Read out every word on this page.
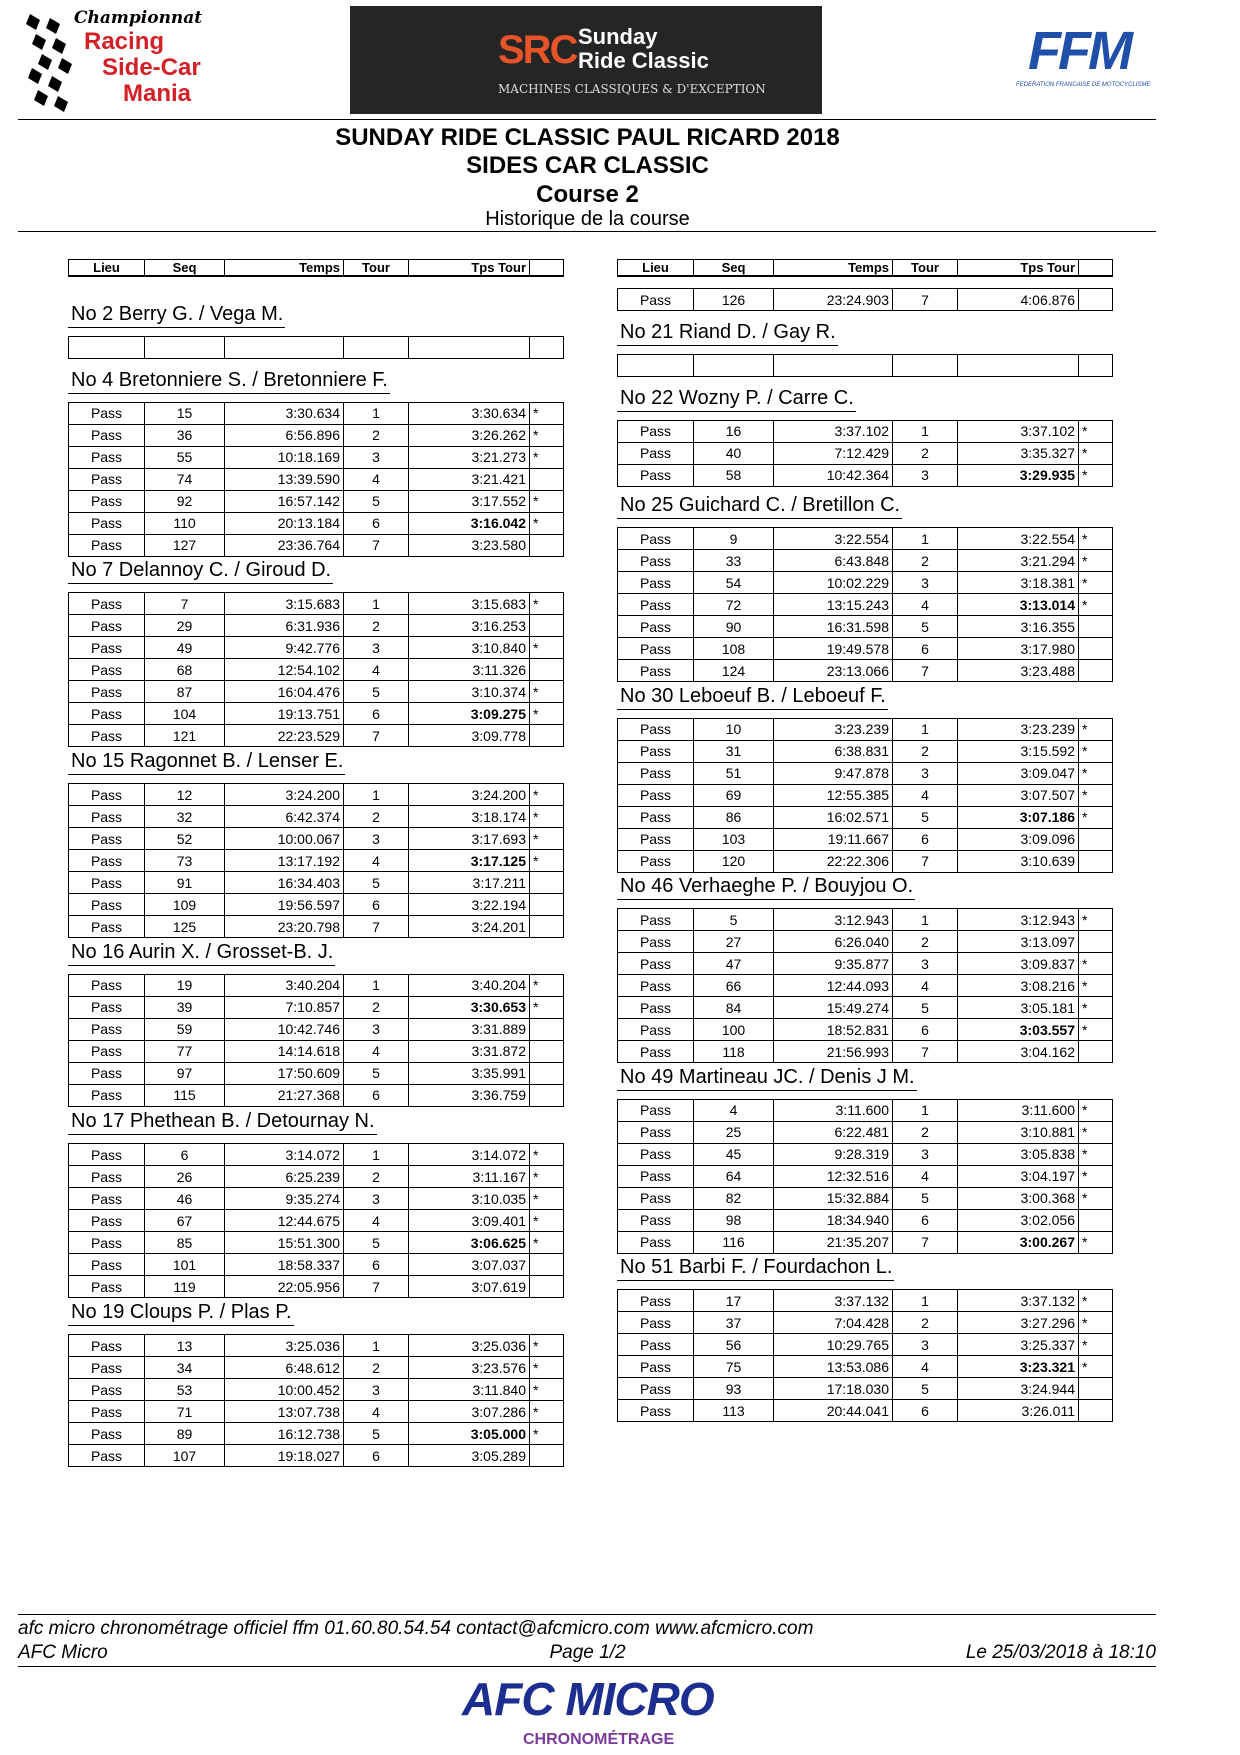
Championnat
Racing
Side-Car
Mania
SRC Sunday
Ride Classic
MACHINES CLASSIQUES & D'EXCEPTION
FFM
FEDERATION FRANCAISE DE MOTOCYCLISME
SUNDAY RIDE CLASSIC PAUL RICARD 2018
SIDES CAR CLASSIC
Course 2
Historique de la course
Lieu	Seq	Temps	Tour	Tps Tour		Lieu	Seq	Temps	Tour	Tps Tour	
No 2 Berry G. / Vega M.

No 4 Bretonniere S. / Bretonniere F.
Pass	15	3:30.634	1	3:30.634	*
Pass	36	6:56.896	2	3:26.262	*
Pass	55	10:18.169	3	3:21.273	*
Pass	74	13:39.590	4	3:21.421	
Pass	92	16:57.142	5	3:17.552	*
Pass	110	20:13.184	6	3:16.042	*
Pass	127	23:36.764	7	3:23.580	
No 7 Delannoy C. / Giroud D.
Pass	7	3:15.683	1	3:15.683	*
Pass	29	6:31.936	2	3:16.253	
Pass	49	9:42.776	3	3:10.840	*
Pass	68	12:54.102	4	3:11.326	
Pass	87	16:04.476	5	3:10.374	*
Pass	104	19:13.751	6	3:09.275	*
Pass	121	22:23.529	7	3:09.778	
No 15 Ragonnet B. / Lenser E.
Pass	12	3:24.200	1	3:24.200	*
Pass	32	6:42.374	2	3:18.174	*
Pass	52	10:00.067	3	3:17.693	*
Pass	73	13:17.192	4	3:17.125	*
Pass	91	16:34.403	5	3:17.211	
Pass	109	19:56.597	6	3:22.194	
Pass	125	23:20.798	7	3:24.201	
No 16 Aurin X. / Grosset-B. J.
Pass	19	3:40.204	1	3:40.204	*
Pass	39	7:10.857	2	3:30.653	*
Pass	59	10:42.746	3	3:31.889	
Pass	77	14:14.618	4	3:31.872	
Pass	97	17:50.609	5	3:35.991	
Pass	115	21:27.368	6	3:36.759	
No 17 Phethean B. / Detournay N.
Pass	6	3:14.072	1	3:14.072	*
Pass	26	6:25.239	2	3:11.167	*
Pass	46	9:35.274	3	3:10.035	*
Pass	67	12:44.675	4	3:09.401	*
Pass	85	15:51.300	5	3:06.625	*
Pass	101	18:58.337	6	3:07.037	
Pass	119	22:05.956	7	3:07.619	
No 19 Cloups P. / Plas P.
Pass	13	3:25.036	1	3:25.036	*
Pass	34	6:48.612	2	3:23.576	*
Pass	53	10:00.452	3	3:11.840	*
Pass	71	13:07.738	4	3:07.286	*
Pass	89	16:12.738	5	3:05.000	*
Pass	107	19:18.027	6	3:05.289	
Pass	126	23:24.903	7	4:06.876	
No 21 Riand D. / Gay R.

No 22 Wozny P. / Carre C.
Pass	16	3:37.102	1	3:37.102	*
Pass	40	7:12.429	2	3:35.327	*
Pass	58	10:42.364	3	3:29.935	*
No 25 Guichard C. / Bretillon C.
Pass	9	3:22.554	1	3:22.554	*
Pass	33	6:43.848	2	3:21.294	*
Pass	54	10:02.229	3	3:18.381	*
Pass	72	13:15.243	4	3:13.014	*
Pass	90	16:31.598	5	3:16.355	
Pass	108	19:49.578	6	3:17.980	
Pass	124	23:13.066	7	3:23.488	
No 30 Leboeuf B. / Leboeuf F.
Pass	10	3:23.239	1	3:23.239	*
Pass	31	6:38.831	2	3:15.592	*
Pass	51	9:47.878	3	3:09.047	*
Pass	69	12:55.385	4	3:07.507	*
Pass	86	16:02.571	5	3:07.186	*
Pass	103	19:11.667	6	3:09.096	
Pass	120	22:22.306	7	3:10.639	
No 46 Verhaeghe P. / Bouyjou O.
Pass	5	3:12.943	1	3:12.943	*
Pass	27	6:26.040	2	3:13.097	
Pass	47	9:35.877	3	3:09.837	*
Pass	66	12:44.093	4	3:08.216	*
Pass	84	15:49.274	5	3:05.181	*
Pass	100	18:52.831	6	3:03.557	*
Pass	118	21:56.993	7	3:04.162	
No 49 Martineau JC. / Denis J M.
Pass	4	3:11.600	1	3:11.600	*
Pass	25	6:22.481	2	3:10.881	*
Pass	45	9:28.319	3	3:05.838	*
Pass	64	12:32.516	4	3:04.197	*
Pass	82	15:32.884	5	3:00.368	*
Pass	98	18:34.940	6	3:02.056	
Pass	116	21:35.207	7	3:00.267	*
No 51 Barbi F. / Fourdachon L.
Pass	17	3:37.132	1	3:37.132	*
Pass	37	7:04.428	2	3:27.296	*
Pass	56	10:29.765	3	3:25.337	*
Pass	75	13:53.086	4	3:23.321	*
Pass	93	17:18.030	5	3:24.944	
Pass	113	20:44.041	6	3:26.011	
afc micro chronométrage officiel ffm 01.60.80.54.54 contact@afcmicro.com www.afcmicro.com
AFC Micro	Page 1/2	Le 25/03/2018 à 18:10
AFC MICRO
CHRONOMÉTRAGE
